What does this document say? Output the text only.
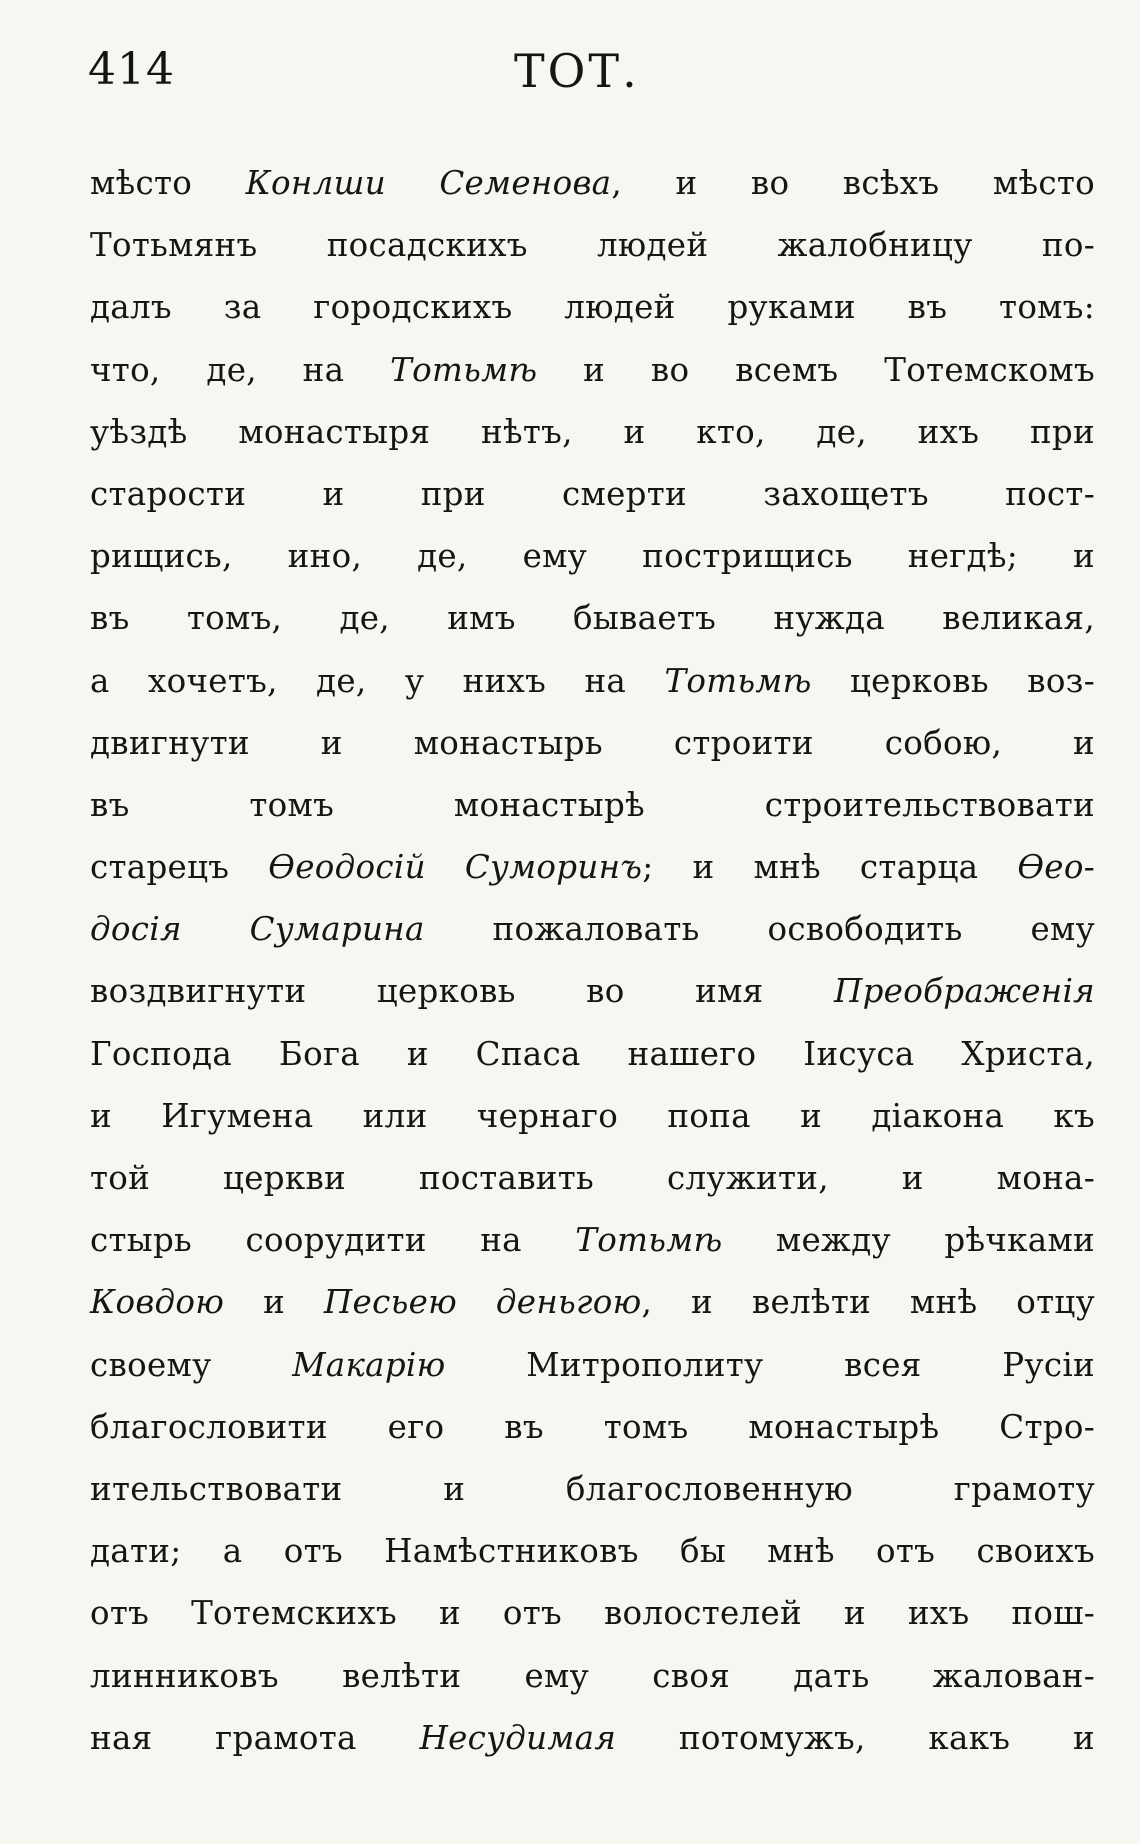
414	ТОТ.
мѣсто Конлши Семенова, и во всѣхъ мѣсто
Тотьмянъ посадскихъ людей жалобницу по-
далъ за городскихъ людей руками въ томъ:
что, де, на Тотьмѣ и во всемъ Тотемскомъ
уѣздѣ монастыря нѣтъ, и кто, де, ихъ при
старости и при смерти захощетъ пост-
рищись, ино, де, ему пострищись негдѣ; и
въ томъ, де, имъ бываетъ нужда великая,
а хочетъ, де, у нихъ на Тотьмѣ церковь воз-
двигнути и монастырь строити собою, и
въ томъ монастырѣ строительствовати
старецъ Ѳеодосій Суморинъ; и мнѣ старца Ѳео-
досія Сумарина пожаловать освободить ему
воздвигнути церковь во имя Преображенія
Господа Бога и Спаса нашего Іисуса Христа,
и Игумена или чернаго попа и діакона къ
той церкви поставить служити, и мона-
стырь соорудити на Тотьмѣ между рѣчками
Ковдою и Песьею деньгою, и велѣти мнѣ отцу
своему Макарію Митрополиту всея Русіи
благословити его въ томъ монастырѣ Стро-
ительствовати и благословенную грамоту
дати; а отъ Намѣстниковъ бы мнѣ отъ своихъ
отъ Тотемскихъ и отъ волостелей и ихъ пош-
линниковъ велѣти ему своя дать жалован-
ная грамота Несудимая потомужъ, какъ и
